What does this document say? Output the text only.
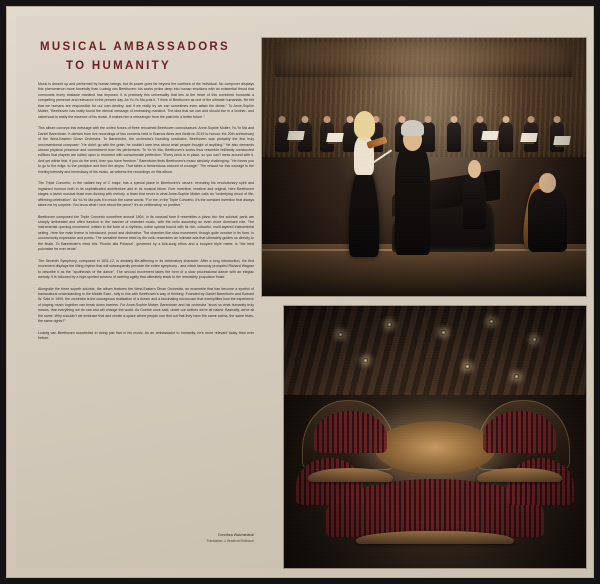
MUSICAL AMBASSADORS
TO HUMANITY

Music is dreamt up and performed by human beings, but its power goes far beyond the confines of the individual. No composer displays this phenomenon more forcefully than Ludwig van Beethoven: his works probe deep into human emotions with an existential thrust that surmounts every obstacle mankind has imposed. It is precisely this universality that lies at the heart of this combined humanist a compelling presence and relevance in the present day. As Yo-Yo Ma puts it, "I think of Beethoven as one of the ultimate humanists. He felt that we humans are responsible for our own destiny, and if we really try we can sometimes even attain the divine." To Anne-Sophie Mutter, "Beethoven has really found the eternal message of embracing mankind. The idea that we can and should live in a brother- and sisterhood is really the essence of his music. It makes him a messenger from the past into a better future."

This album conveys this message with the united forces of three renowned Beethoven connoisseurs: Anne-Sophie Mutter, Yo-Yo Ma and Daniel Barenboim. It derives from live recordings of two concerts held in Buenos Aires and Berlin in 2019 to honour the 20th anniversary of the West-Eastern Divan Orchestra. To Barenboim, the orchestra's founding conductor, Beethoven was probably the first truly unconventional composer: "He didn't go with the grain; he couldn't care less about what people thought of anything." He also demands utmost physical presence and commitment from his performers. To Yo-Yo Ma, Beethoven's works thus resemble brilliantly constructed edifices that players are called upon to resurrect with consummate perfection: "Every brick is in place, so you can't mess around with it. And yet within that, if you do the work, then you have freedom." Barenboim finds Beethoven's music similarly challenging: "He forces you to go to the edge, to the precipice and then the abyss. That takes a tremendous amount of courage." The reward for this courage is the riveting intensity and immediacy of his music, as witness the recordings on this album.

The Triple Concerto, in the radiant key of C major, has a special place in Beethoven's oeuvre, revealing his revolutionary spirit and ingrained humour both in its sophisticated architecture and in its musical idiom. Ever inventive, creative and original, here Beethoven stages a lavish musical feast ever-flowing with melody, a feast that never is what Anne-Sophie Mutter calls an "underlying mood of life-affirming celebration". As Yo-Yo Ma puts it in much the same words: "For me, in the Triple Concerto, it's the constant invention that always takes me by surprise. You know what I love about the piece? It's so celebratory, so positive."

Beethoven composed the Triple Concerto sometime around 1804, in its unusual form it resembles a piano trio: the soloists' parts are sharply delineated and often function in the manner of chamber music, with the cello assuming an even more dominant role. The instrumental opening movement, written in the form of a rhythmic, noble upbeat bound with its rich, colourful, multi-layered instrumental writing. Here the main theme is introduced, proud and distinctive. The chamber-like slow movement, though quite concise in its form, is uncommonly expressive and poetic. The cantabile theme cited by the cello resembles an intimate aria that ultimately guides us directly to the finale. To Barenboim's mind this "Rondo alla Polacca", governed by a folk-song ethos and a buoyant triple meter, is "the best polonaise he ever wrote".

The Seventh Symphony, composed in 1811-12, is similarly life-affirming in its celebratory character. After a long introduction, the first movement displays the lilting rhythm that will subsequently pervade the entire symphony - and which famously prompted Richard Wagner to describe it as the "apotheosis of the dance". The second movement takes the form of a slow processional dance with an elegiac melody. It is followed by a high-spirited scherzo of swirling agility that ultimately leads to the irresistibly propulsive finale.

Alongside the three superb soloists, the album features the West-Eastern Divan Orchestra, an ensemble that has become a symbol of transcultural understanding in the Middle East - fully in line with Beethoven's way of thinking. Founded by Daniel Barenboim and Edward W. Said in 1999, the orchestra is the courageous realisation of a dream and a fascinating microcosm that exemplifies how the experience of playing music together can break down barriers. For Anne-Sophie Mutter, Barenboim and his orchestra "show us what humanity truly means, that everything we do can and will change the world. As Goethe once said, under our clothes we're all naked. Basically, we're all the same. Why shouldn't we embrace that and create a space where people can find out that they have the same anima, the same fears, the same rights?"

Ludwig van Beethoven succeeded in doing just that in his music. As an ambassador to humanity, he's more relevant today than ever before.

Dorothea Walchshäusl
Translation: J. Bradford Robinson
